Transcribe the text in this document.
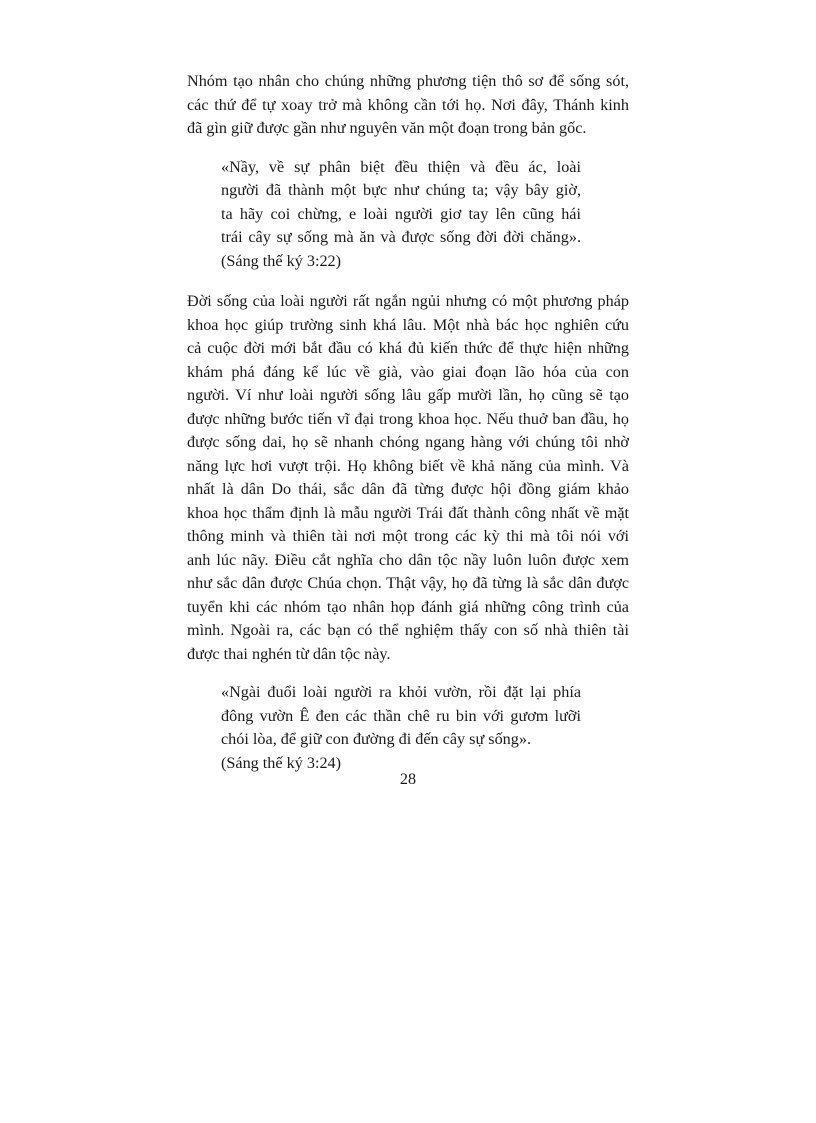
Nhóm tạo nhân cho chúng những phương tiện thô sơ để sống sót,
các thứ để tự xoay trở mà không cần tới họ. Nơi đây, Thánh kinh
đã gìn giữ được gần như nguyên văn một đoạn trong bản gốc.

«Nầy, về sự phân biệt đều thiện và đều ác, loài
người đã thành một bực như chúng ta; vậy bây giờ,
ta hãy coi chừng, e loài người giơ tay lên cũng hái
trái cây sự sống mà ăn và được sống đời đời chăng».
(Sáng thế ký 3:22)

Đời sống của loài người rất ngắn ngủi nhưng có một phương pháp
khoa học giúp trường sinh khá lâu. Một nhà bác học nghiên cứu
cả cuộc đời mới bắt đầu có khá đủ kiến thức để thực hiện những
khám phá đáng kể lúc về già, vào giai đoạn lão hóa của con
người. Ví như loài người sống lâu gấp mười lần, họ cũng sẽ tạo
được những bước tiến vĩ đại trong khoa học. Nếu thuở ban đầu, họ
được sống dai, họ sẽ nhanh chóng ngang hàng với chúng tôi nhờ
năng lực hơi vượt trội. Họ không biết về khả năng của mình. Và
nhất là dân Do thái, sắc dân đã từng được hội đồng giám khảo
khoa học thẩm định là mẫu người Trái đất thành công nhất về mặt
thông minh và thiên tài nơi một trong các kỳ thi mà tôi nói với
anh lúc nãy. Điều cắt nghĩa cho dân tộc nầy luôn luôn được xem
như sắc dân được Chúa chọn. Thật vậy, họ đã từng là sắc dân được
tuyển khi các nhóm tạo nhân họp đánh giá những công trình của
mình. Ngoài ra, các bạn có thể nghiệm thấy con số nhà thiên tài
được thai nghén từ dân tộc này.

«Ngài đuổi loài người ra khỏi vườn, rồi đặt lại phía
đông vườn Ê đen các thần chê ru bin với gươm lưỡi
chói lòa, để giữ con đường đi đến cây sự sống».
(Sáng thế ký 3:24)
28
